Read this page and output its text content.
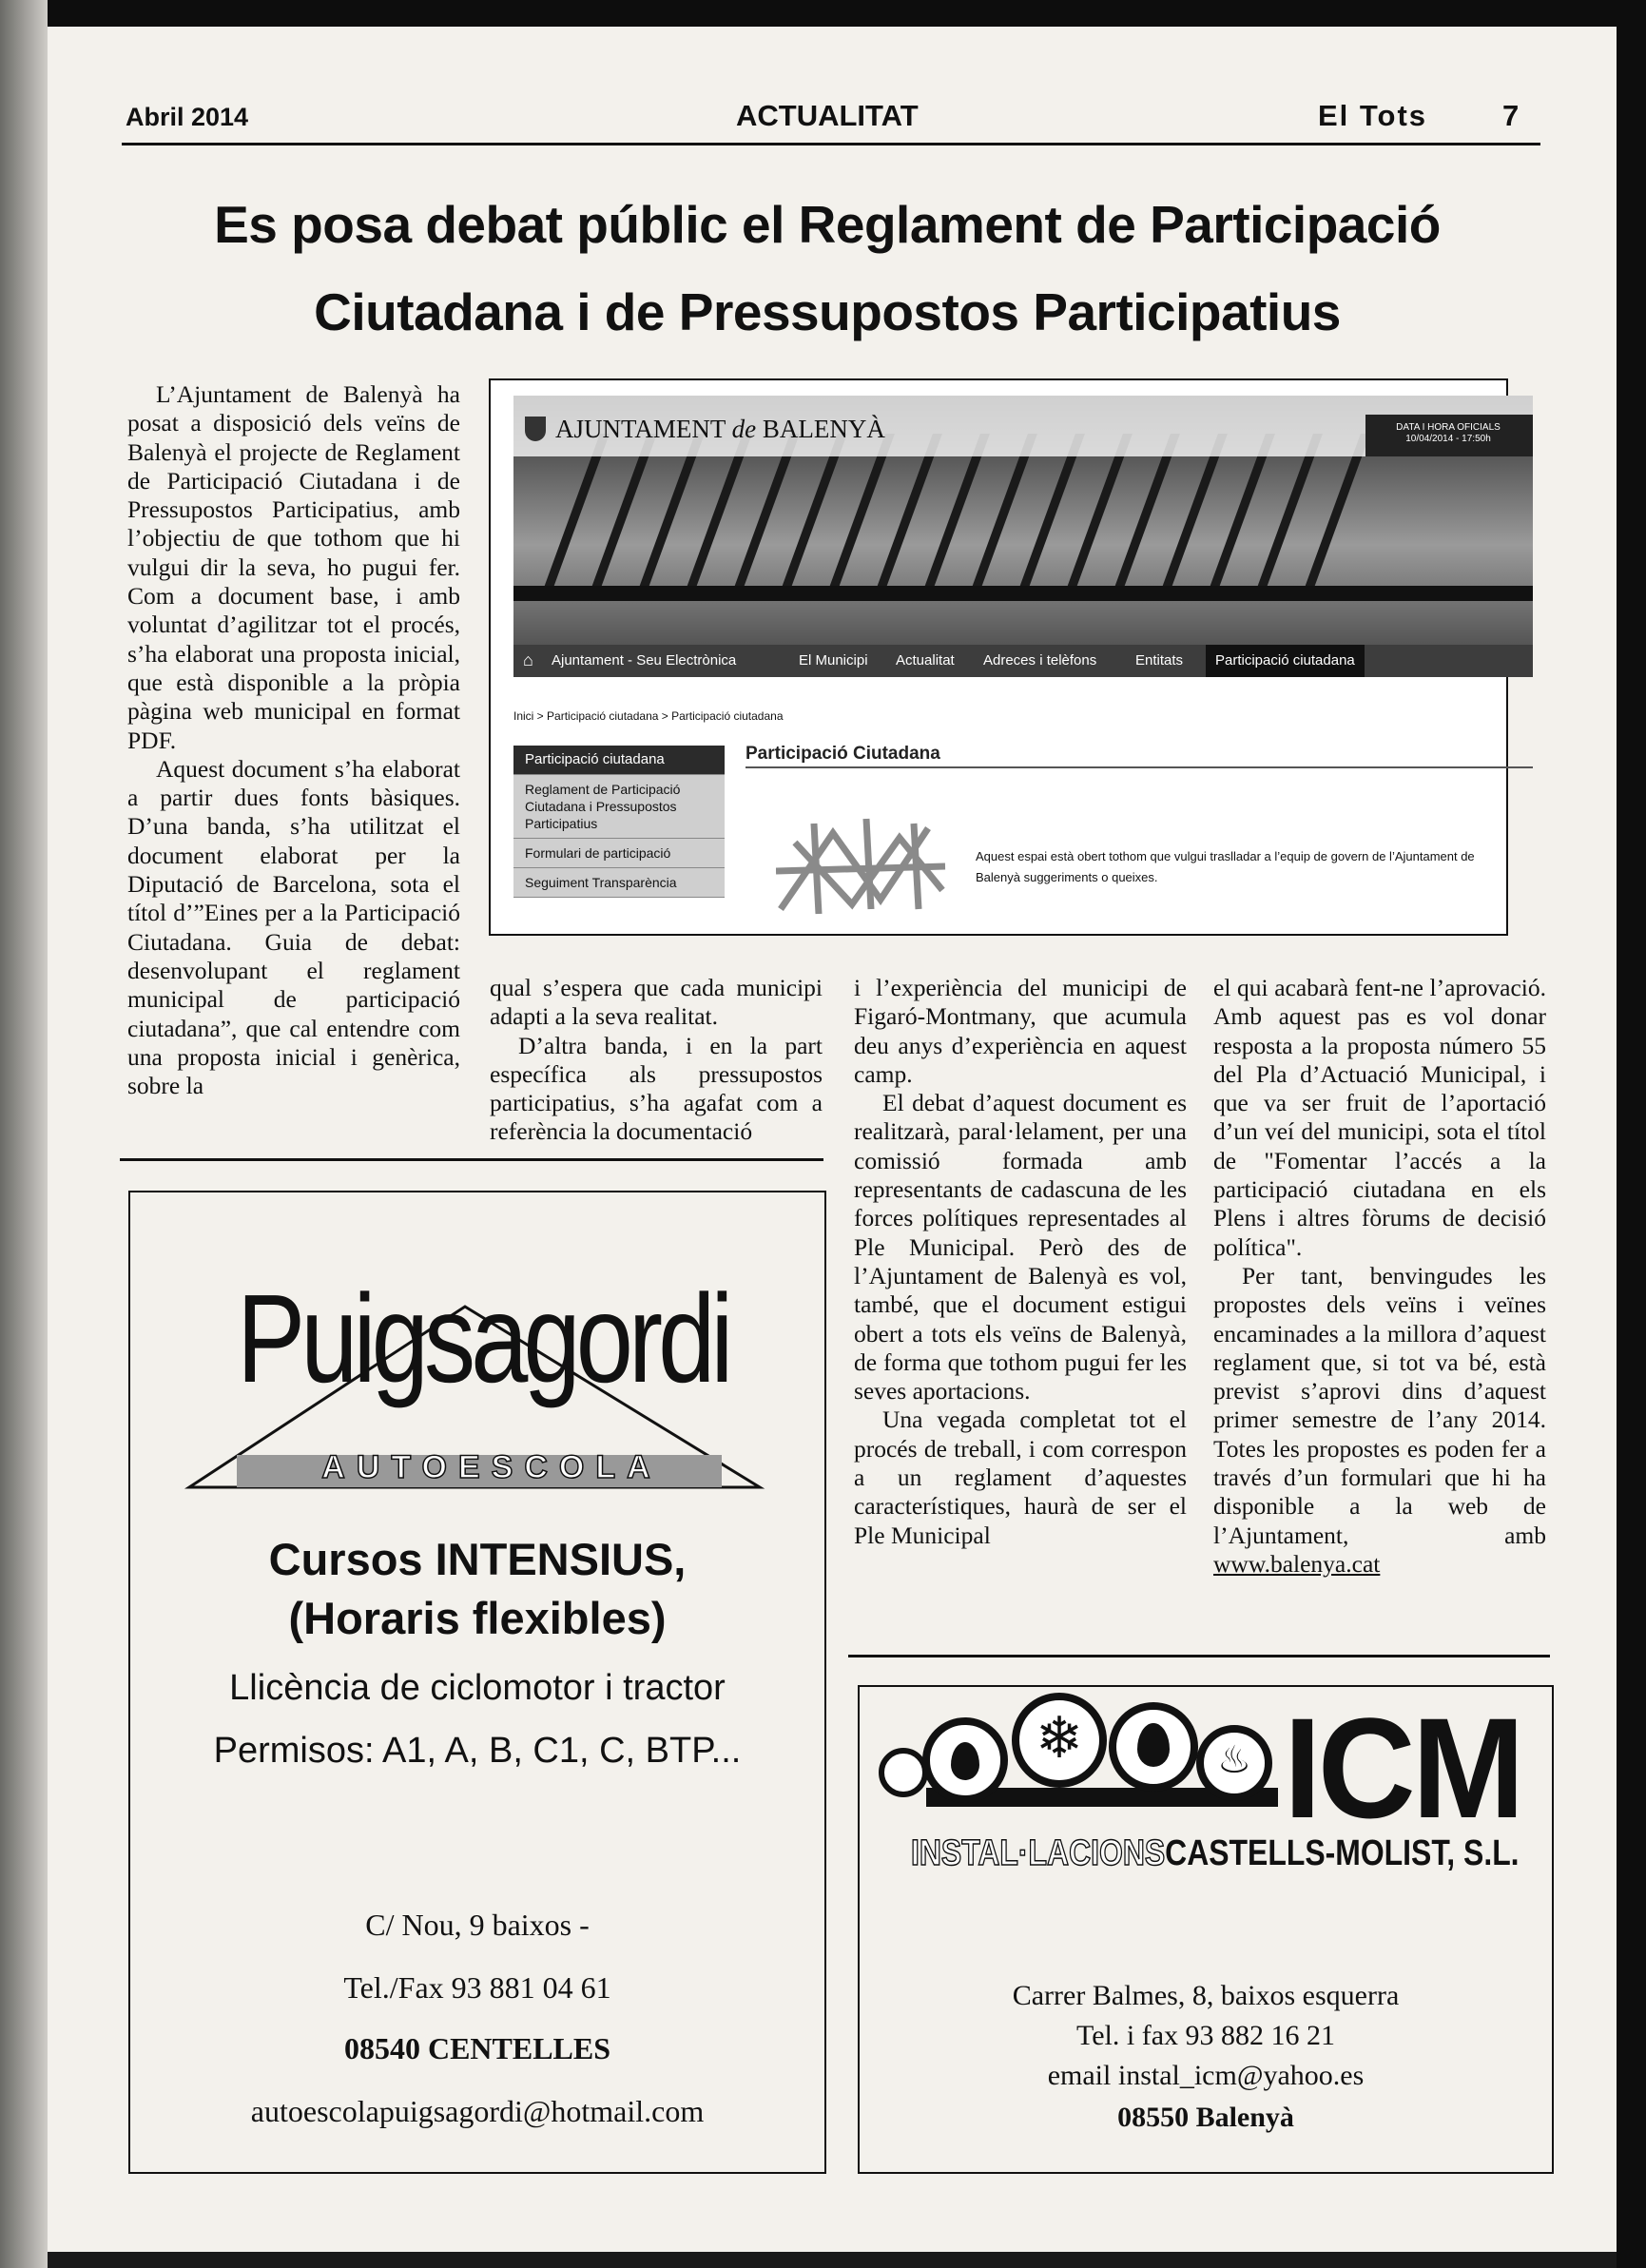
Abril 2014	ACTUALITAT	El Tots	7
Es posa debat públic el Reglament de Participació
Ciutadana i de Pressupostos Participatius

L’Ajuntament de Balenyà ha posat a disposició dels veïns de Balenyà el projecte de Reglament de Participació Ciutadana i de Pressupostos Participatius, amb l’objectiu de que tothom que hi vulgui dir la seva, ho pugui fer. Com a document base, i amb voluntat d’agilitzar tot el procés, s’ha elaborat una proposta inicial, que està disponible a la pròpia pàgina web municipal en format PDF.

Aquest document s’ha elaborat a partir dues fonts bàsiques. D’una banda, s’ha utilitzat el document elaborat per la Diputació de Barcelona, sota el títol d’”Eines per a la Participació Ciutadana. Guia de debat: desenvolupant el reglament municipal de participació ciutadana”, que cal entendre com una proposta inicial i genèrica, sobre la

AJUNTAMENT de BALENYÀ	DATA I HORA OFICIALS 10/04/2014 - 17:50h
⌂ Ajuntament - Seu Electrònica	El Municipi Actualitat Adreces i telèfons	Entitats	Participació ciutadana
Inici > Participació ciutadana > Participació ciutadana
Participació ciutadana
Reglament de Participació Ciutadana i Pressupostos Participatius
Formulari de participació
Seguiment Transparència
Participació Ciutadana
Aquest espai està obert tothom que vulgui traslladar a l’equip de govern de l’Ajuntament de Balenyà suggeriments o queixes.

qual s’espera que cada municipi adapti a la seva realitat.

D’altra banda, i en la part específica als pressupostos participatius, s’ha agafat com a referència la documentació

i l’experiència del municipi de Figaró-Montmany, que acumula deu anys d’experiència en aquest camp.

El debat d’aquest document es realitzarà, paral·lelament, per una comissió formada amb representants de cadascuna de les forces polítiques representades al Ple Municipal. Però des de l’Ajuntament de Balenyà es vol, també, que el document estigui obert a tots els veïns de Balenyà, de forma que tothom pugui fer les seves aportacions.

Una vegada completat tot el procés de treball, i com correspon a un reglament d’aquestes característiques, haurà de ser el Ple Municipal

el qui acabarà fent-ne l’aprovació. Amb aquest pas es vol donar resposta a la proposta número 55 del Pla d’Actuació Municipal, i que va ser fruit de l’aportació d’un veí del municipi, sota el títol de "Fomentar l’accés a la participació ciutadana en els Plens i altres fòrums de decisió política".

Per tant, benvingudes les propostes dels veïns i veïnes encaminades a la millora d’aquest reglament que, si tot va bé, està previst s’aprovi dins d’aquest primer semestre de l’any 2014. Totes les propostes es poden fer a través d’un formulari que hi ha disponible a la web de l’Ajuntament, amb www.balenya.cat

Puigsagordi
AUTOESCOLA
Cursos INTENSIUS,
(Horaris flexibles)
Llicència de ciclomotor i tractor
Permisos: A1, A, B, C1, C, BTP...
C/ Nou, 9 baixos -
Tel./Fax 93 881 04 61
08540 CENTELLES
autoescolapuigsagordi@hotmail.com
❄	♨ ICM
INSTAL·LACIONSCASTELLS-MOLIST, S.L.
Carrer Balmes, 8, baixos esquerra
Tel. i fax 93 882 16 21
email instal_icm@yahoo.es
08550 Balenyà
